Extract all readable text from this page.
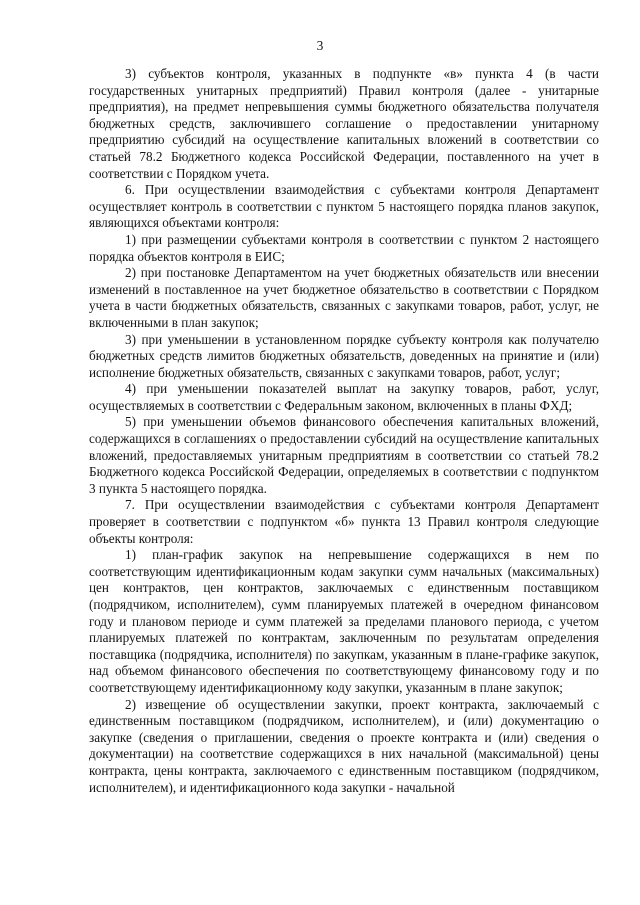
3

3) субъектов контроля, указанных в подпункте «в» пункта 4 (в части государственных унитарных предприятий) Правил контроля (далее - унитарные предприятия), на предмет непревышения суммы бюджетного обязательства получателя бюджетных средств, заключившего соглашение о предоставлении унитарному предприятию субсидий на осуществление капитальных вложений в соответствии со статьей 78.2 Бюджетного кодекса Российской Федерации, поставленного на учет в соответствии с Порядком учета.

6. При осуществлении взаимодействия с субъектами контроля Департамент осуществляет контроль в соответствии с пунктом 5 настоящего порядка планов закупок, являющихся объектами контроля:

1) при размещении субъектами контроля в соответствии с пунктом 2 настоящего порядка объектов контроля в ЕИС;

2) при постановке Департаментом на учет бюджетных обязательств или внесении изменений в поставленное на учет бюджетное обязательство в соответствии с Порядком учета в части бюджетных обязательств, связанных с закупками товаров, работ, услуг, не включенными в план закупок;

3) при уменьшении в установленном порядке субъекту контроля как получателю бюджетных средств лимитов бюджетных обязательств, доведенных на принятие и (или) исполнение бюджетных обязательств, связанных с закупками товаров, работ, услуг;

4) при уменьшении показателей выплат на закупку товаров, работ, услуг, осуществляемых в соответствии с Федеральным законом, включенных в планы ФХД;

5) при уменьшении объемов финансового обеспечения капитальных вложений, содержащихся в соглашениях о предоставлении субсидий на осуществление капитальных вложений, предоставляемых унитарным предприятиям в соответствии со статьей 78.2 Бюджетного кодекса Российской Федерации, определяемых в соответствии с подпунктом 3 пункта 5 настоящего порядка.

7. При осуществлении взаимодействия с субъектами контроля Департамент проверяет в соответствии с подпунктом «б» пункта 13 Правил контроля следующие объекты контроля:

1) план-график закупок на непревышение содержащихся в нем по соответствующим идентификационным кодам закупки сумм начальных (максимальных) цен контрактов, цен контрактов, заключаемых с единственным поставщиком (подрядчиком, исполнителем), сумм планируемых платежей в очередном финансовом году и плановом периоде и сумм платежей за пределами планового периода, с учетом планируемых платежей по контрактам, заключенным по результатам определения поставщика (подрядчика, исполнителя) по закупкам, указанным в плане-графике закупок, над объемом финансового обеспечения по соответствующему финансовому году и по соответствующему идентификационному коду закупки, указанным в плане закупок;

2) извещение об осуществлении закупки, проект контракта, заключаемый с единственным поставщиком (подрядчиком, исполнителем), и (или) документацию о закупке (сведения о приглашении, сведения о проекте контракта и (или) сведения о документации) на соответствие содержащихся в них начальной (максимальной) цены контракта, цены контракта, заключаемого с единственным поставщиком (подрядчиком, исполнителем), и идентификационного кода закупки - начальной
